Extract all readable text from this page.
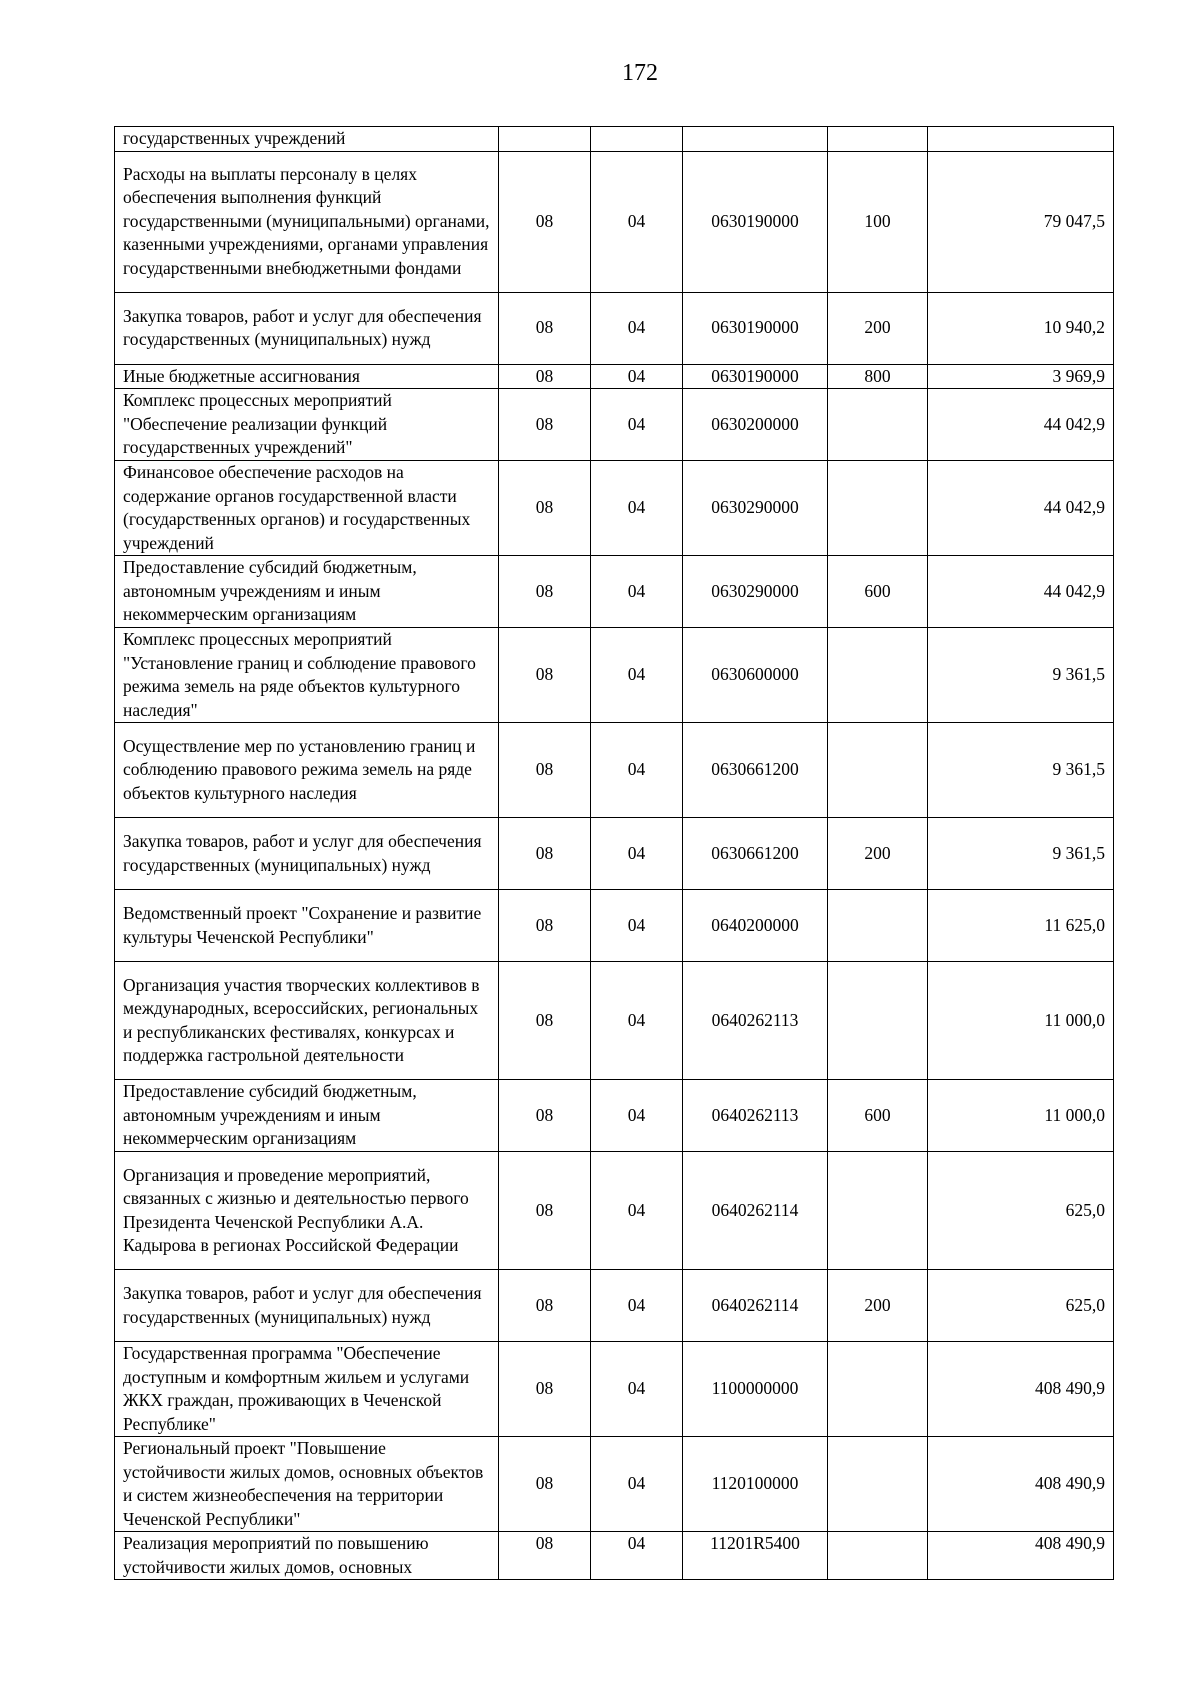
172
государственных учреждений					
Расходы на выплаты персоналу в целях обеспечения выполнения функций государственными (муниципальными) органами, казенными учреждениями, органами управления государственными внебюджетными фондами	08	04	0630190000	100	79 047,5
Закупка товаров, работ и услуг для обеспечения государственных (муниципальных) нужд	08	04	0630190000	200	10 940,2
Иные бюджетные ассигнования	08	04	0630190000	800	3 969,9
Комплекс процессных мероприятий "Обеспечение реализации функций государственных учреждений"	08	04	0630200000		44 042,9
Финансовое обеспечение расходов на содержание органов государственной власти (государственных органов) и государственных учреждений	08	04	0630290000		44 042,9
Предоставление субсидий бюджетным, автономным учреждениям и иным некоммерческим организациям	08	04	0630290000	600	44 042,9
Комплекс процессных мероприятий "Установление границ и соблюдение правового режима земель на ряде объектов культурного наследия"	08	04	0630600000		9 361,5
Осуществление мер по установлению границ и соблюдению правового режима земель на ряде объектов культурного наследия	08	04	0630661200		9 361,5
Закупка товаров, работ и услуг для обеспечения государственных (муниципальных) нужд	08	04	0630661200	200	9 361,5
Ведомственный проект "Сохранение и развитие культуры Чеченской Республики"	08	04	0640200000		11 625,0
Организация участия творческих коллективов в международных, всероссийских, региональных и республиканских фестивалях, конкурсах и поддержка гастрольной деятельности	08	04	0640262113		11 000,0
Предоставление субсидий бюджетным, автономным учреждениям и иным некоммерческим организациям	08	04	0640262113	600	11 000,0
Организация и проведение мероприятий, связанных с жизнью и деятельностью первого Президента Чеченской Республики А.А. Кадырова в регионах Российской Федерации	08	04	0640262114		625,0
Закупка товаров, работ и услуг для обеспечения государственных (муниципальных) нужд	08	04	0640262114	200	625,0
Государственная программа "Обеспечение доступным и комфортным жильем и услугами ЖКХ граждан, проживающих в Чеченской Республике"	08	04	1100000000		408 490,9
Региональный проект "Повышение устойчивости жилых домов, основных объектов и систем жизнеобеспечения на территории Чеченской Республики"	08	04	1120100000		408 490,9
Реализация мероприятий по повышению устойчивости жилых домов, основных	08	04	11201R5400		408 490,9
